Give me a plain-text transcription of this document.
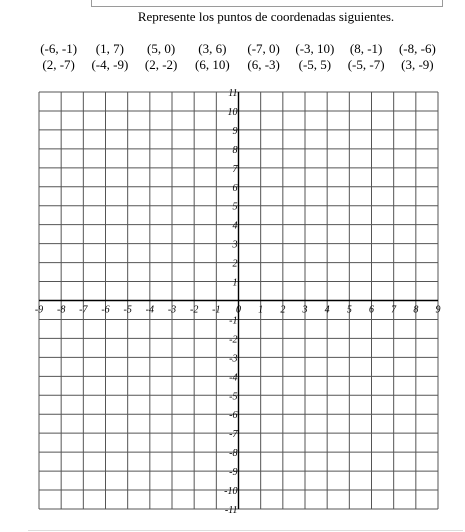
Represente los puntos de coordenadas siguientes.
(-6, -1)	(1, 7)	(5, 0)	(3, 6)	(-7, 0)	(-3, 10)	(8, -1)	(-8, -6)
(2, -7)	(-4, -9)	(2, -2)	(6, 10)	(6, -3)	(-5, 5)	(-5, -7)	(3, -9)
-9 -8 -7 -6 -5 -4 -3 -2 -1 0 1 2 3 4 5 6 7 8 9
11
10
9
8
7
6
5
4
3
2
1
-1
-2
-3
-4
-5
-6
-7
-8
-9
-10
-11
